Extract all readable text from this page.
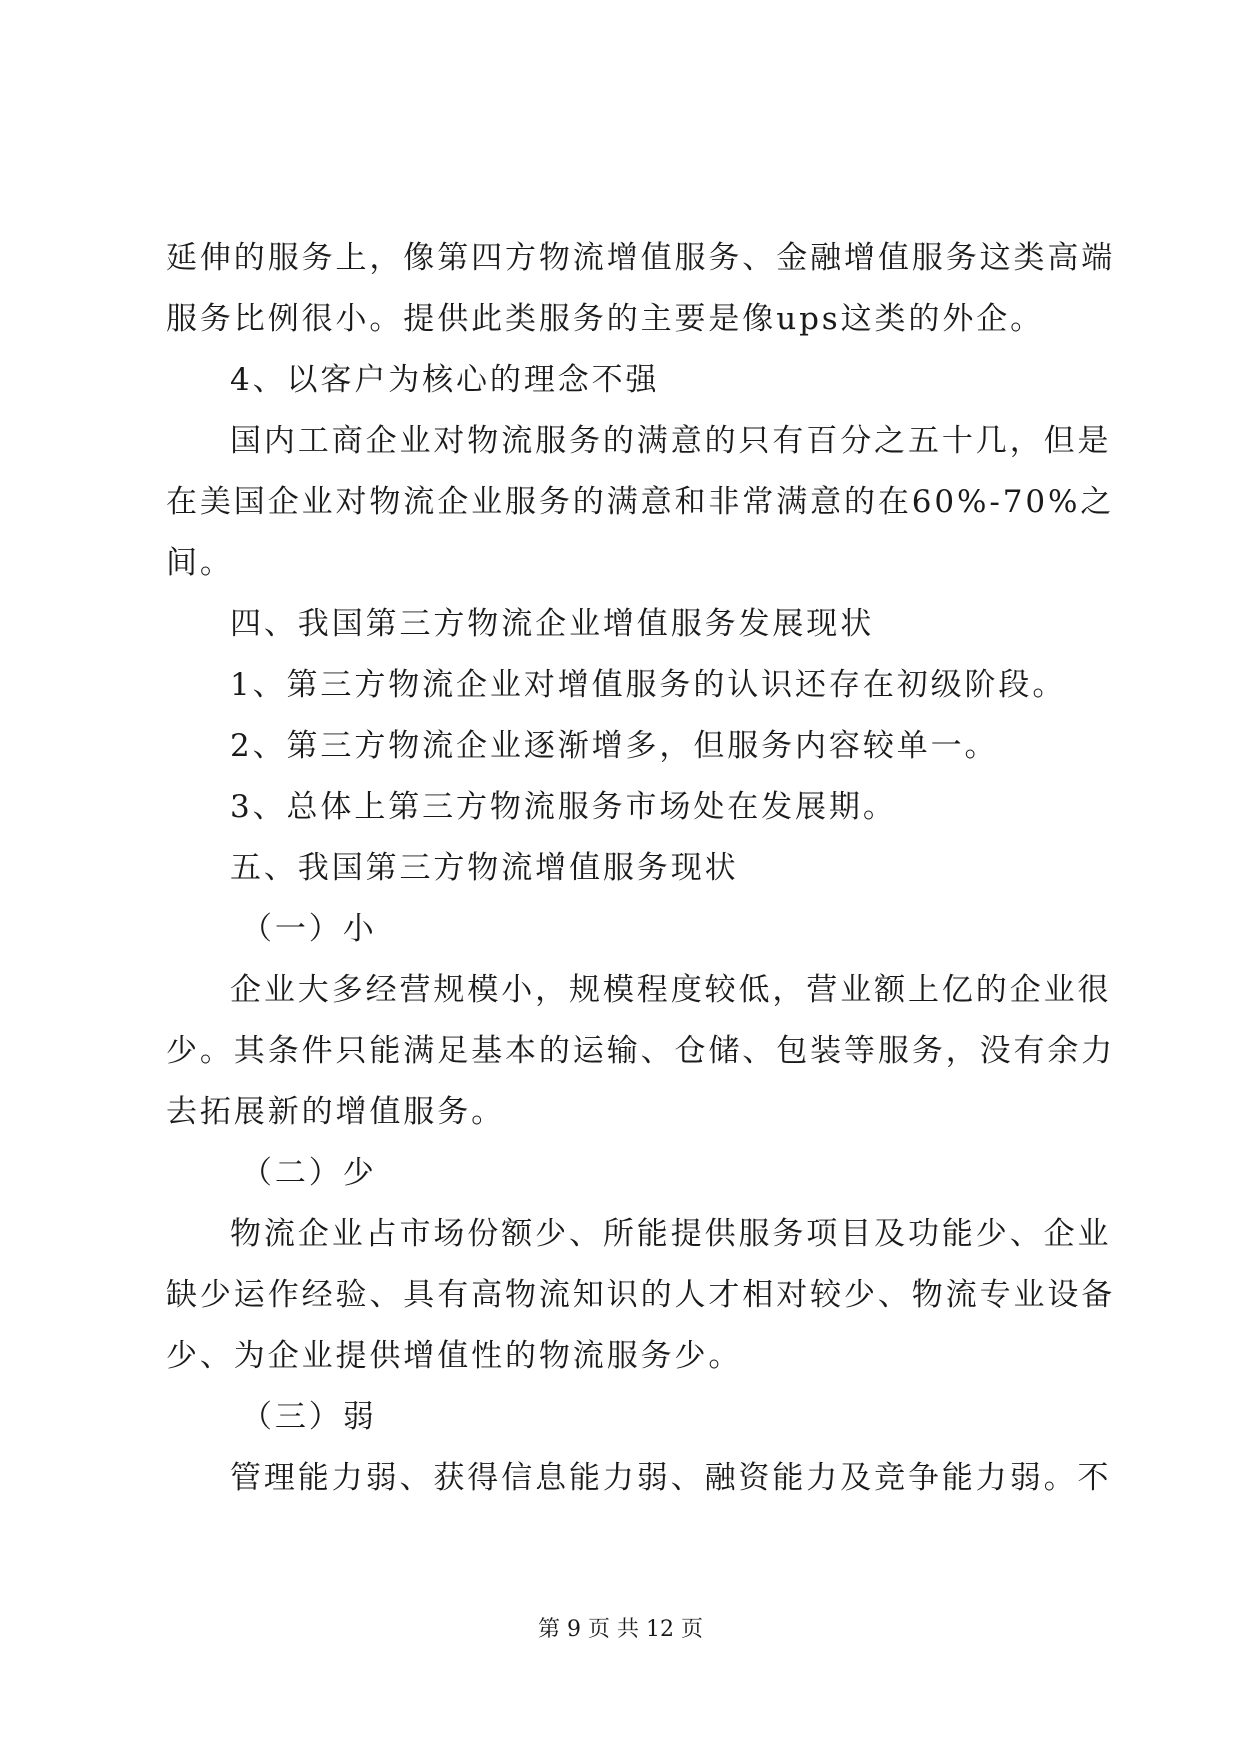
延伸的服务上，像第四方物流增值服务、金融增值服务这类高端

服务比例很小。提供此类服务的主要是像ups这类的外企。

4、以客户为核心的理念不强

国内工商企业对物流服务的满意的只有百分之五十几，但是

在美国企业对物流企业服务的满意和非常满意的在60%-70%之

间。

四、我国第三方物流企业增值服务发展现状

1、第三方物流企业对增值服务的认识还存在初级阶段。

2、第三方物流企业逐渐增多，但服务内容较单一。

3、总体上第三方物流服务市场处在发展期。

五、我国第三方物流增值服务现状

（一）小

企业大多经营规模小，规模程度较低，营业额上亿的企业很

少。其条件只能满足基本的运输、仓储、包装等服务，没有余力

去拓展新的增值服务。

（二）少

物流企业占市场份额少、所能提供服务项目及功能少、企业

缺少运作经验、具有高物流知识的人才相对较少、物流专业设备

少、为企业提供增值性的物流服务少。

（三）弱

管理能力弱、获得信息能力弱、融资能力及竞争能力弱。不

第 9 页 共 12 页
